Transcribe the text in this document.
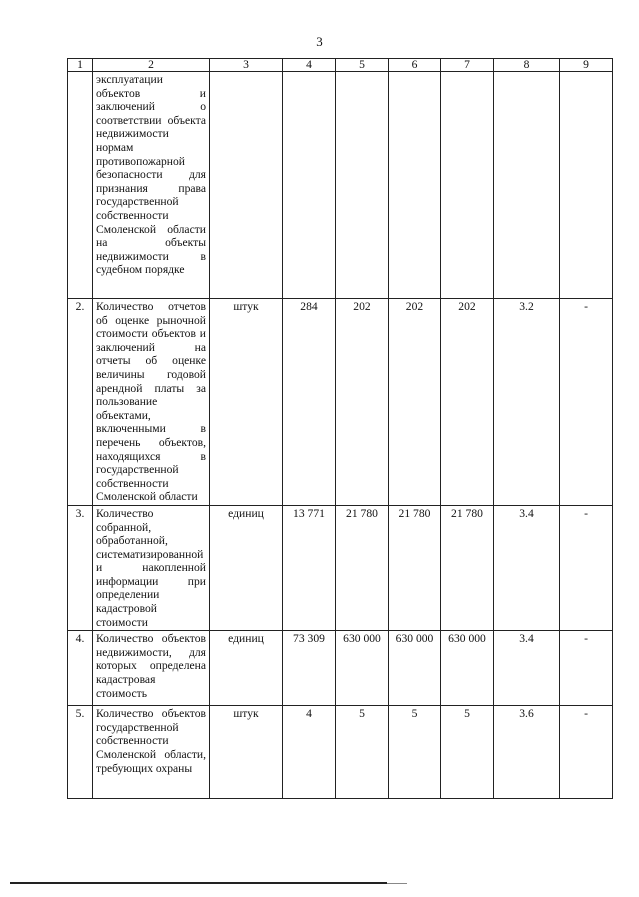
3
1	2	3	4	5	6	7	8	9
	эксплуатации объектов и заключений о соответствии объекта недвижимости нормам противопожарной безопасности для признания права государственной собственности Смоленской области на объекты недвижимости в судебном порядке							
2.	Количество отчетов об оценке рыночной стоимости объектов и заключений на отчеты об оценке величины годовой арендной платы за пользование объектами, включенными в перечень объектов, находящихся в государственной собственности Смоленской области	штук	284	202	202	202	3.2	-
3.	Количество собранной, обработанной, систематизированной и накопленной информации при определении кадастровой стоимости	единиц	13 771	21 780	21 780	21 780	3.4	-
4.	Количество объектов недвижимости, для которых определена кадастровая стоимость	единиц	73 309	630 000	630 000	630 000	3.4	-
5.	Количество объектов государственной собственности Смоленской области, требующих охраны	штук	4	5	5	5	3.6	-
